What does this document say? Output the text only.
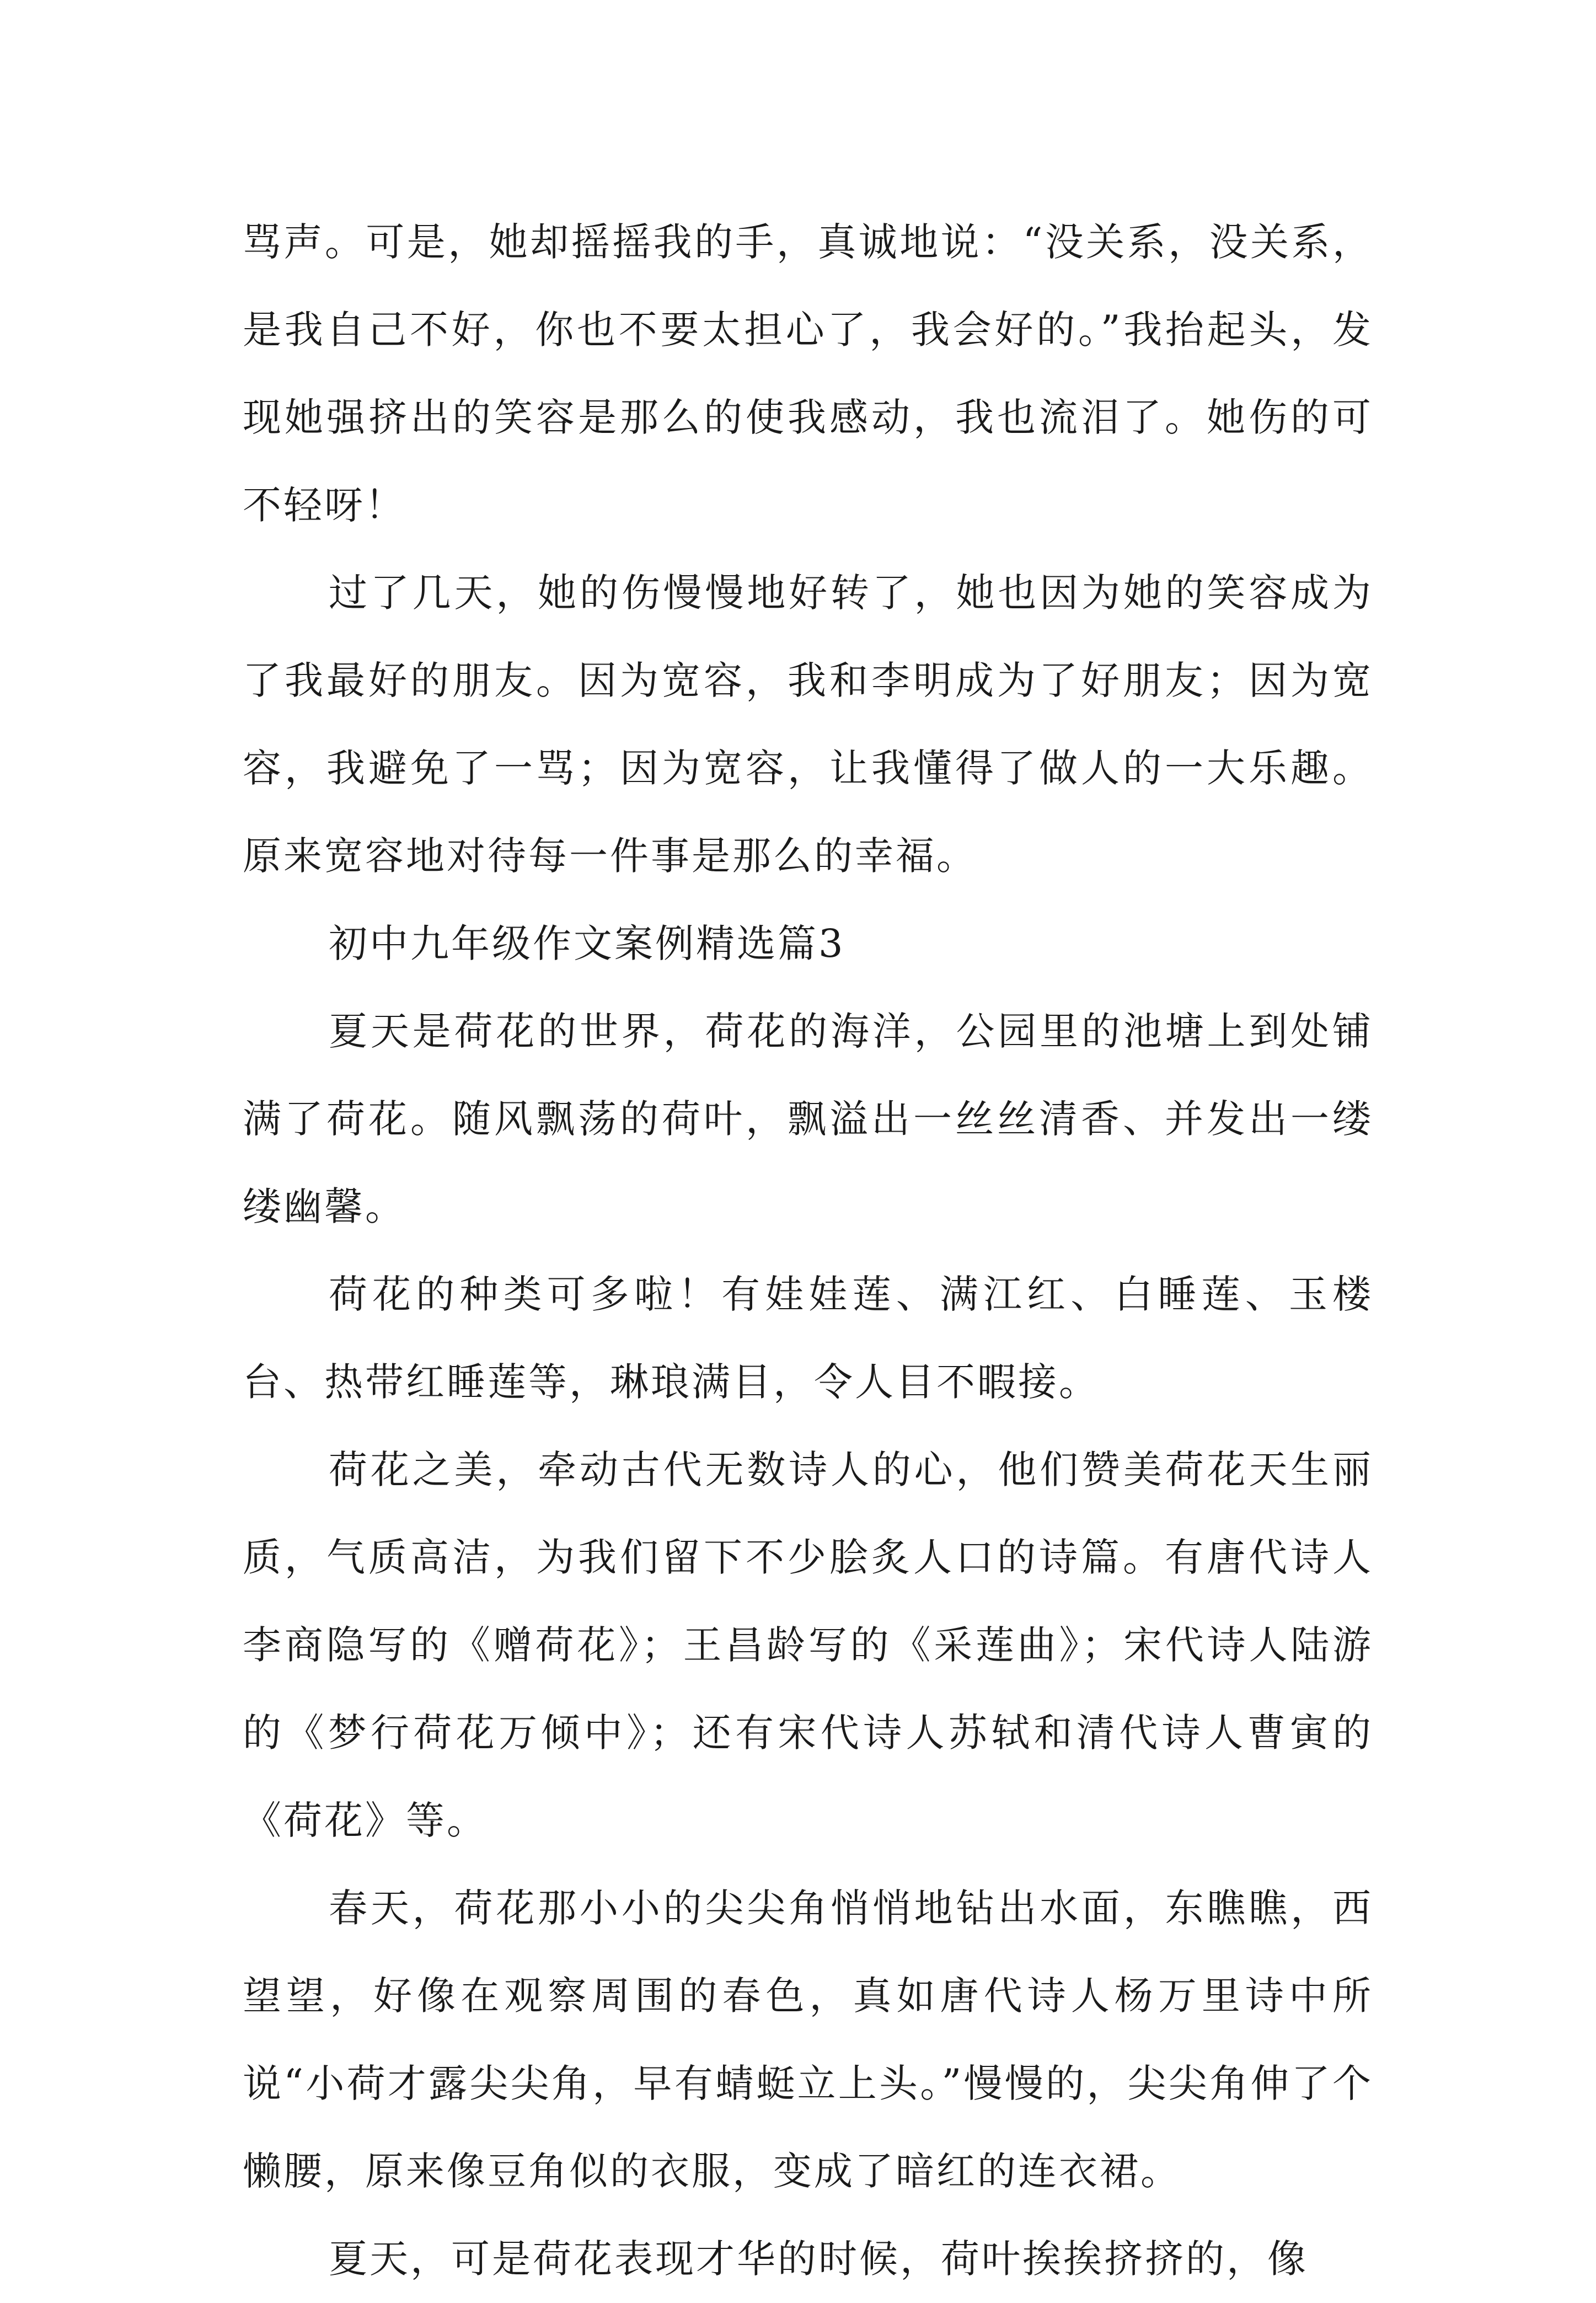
骂声。可是，她却摇摇我的手，真诚地说：“没关系，没关系，是我自己不好，你也不要太担心了，我会好的。”我抬起头，发现她强挤出的笑容是那么的使我感动，我也流泪了。她伤的可不轻呀！

过了几天，她的伤慢慢地好转了，她也因为她的笑容成为了我最好的朋友。因为宽容，我和李明成为了好朋友；因为宽容，我避免了一骂；因为宽容，让我懂得了做人的一大乐趣。原来宽容地对待每一件事是那么的幸福。

初中九年级作文案例精选篇3

夏天是荷花的世界，荷花的海洋，公园里的池塘上到处铺满了荷花。随风飘荡的荷叶，飘溢出一丝丝清香、并发出一缕缕幽馨。

荷花的种类可多啦！有娃娃莲、满江红、白睡莲、玉楼台、热带红睡莲等，琳琅满目，令人目不暇接。

荷花之美，牵动古代无数诗人的心，他们赞美荷花天生丽质，气质高洁，为我们留下不少脍炙人口的诗篇。有唐代诗人李商隐写的《赠荷花》；王昌龄写的《采莲曲》；宋代诗人陆游的《梦行荷花万倾中》；还有宋代诗人苏轼和清代诗人曹寅的《荷花》等。

春天，荷花那小小的尖尖角悄悄地钻出水面，东瞧瞧，西望望，好像在观察周围的春色，真如唐代诗人杨万里诗中所说“小荷才露尖尖角，早有蜻蜓立上头。”慢慢的，尖尖角伸了个懒腰，原来像豆角似的衣服，变成了暗红的连衣裙。

夏天，可是荷花表现才华的时候，荷叶挨挨挤挤的，像
